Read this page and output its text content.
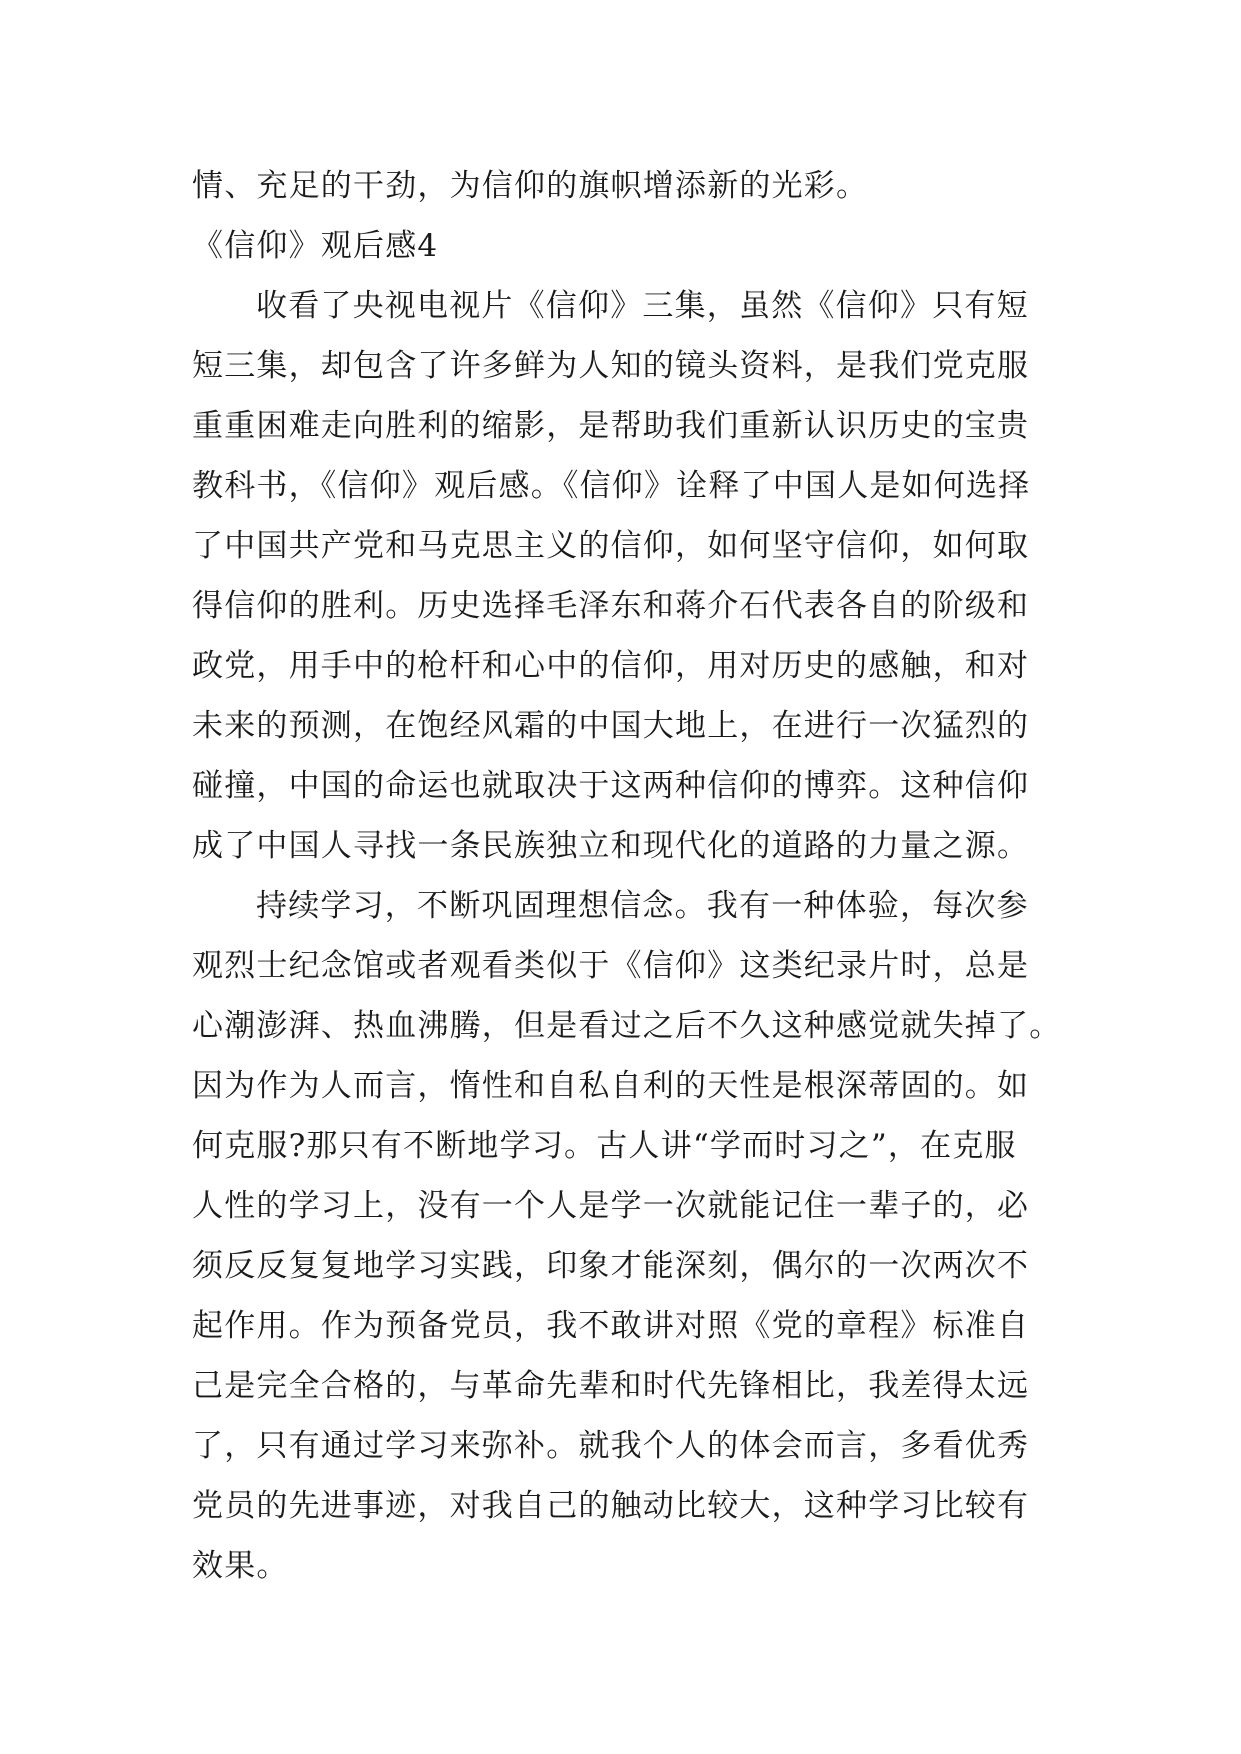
情、充足的干劲，为信仰的旗帜增添新的光彩。
《信仰》观后感4
收看了央视电视片《信仰》三集，虽然《信仰》只有短
短三集，却包含了许多鲜为人知的镜头资料，是我们党克服
重重困难走向胜利的缩影，是帮助我们重新认识历史的宝贵
教科书，《信仰》观后感。《信仰》诠释了中国人是如何选择
了中国共产党和马克思主义的信仰，如何坚守信仰，如何取
得信仰的胜利。历史选择毛泽东和蒋介石代表各自的阶级和
政党，用手中的枪杆和心中的信仰，用对历史的感触，和对
未来的预测，在饱经风霜的中国大地上，在进行一次猛烈的
碰撞，中国的命运也就取决于这两种信仰的博弈。这种信仰
成了中国人寻找一条民族独立和现代化的道路的力量之源。
持续学习，不断巩固理想信念。我有一种体验，每次参
观烈士纪念馆或者观看类似于《信仰》这类纪录片时，总是
心潮澎湃、热血沸腾，但是看过之后不久这种感觉就失掉了。
因为作为人而言，惰性和自私自利的天性是根深蒂固的。如
何克服?那只有不断地学习。古人讲“学而时习之”，在克服
人性的学习上，没有一个人是学一次就能记住一辈子的，必
须反反复复地学习实践，印象才能深刻，偶尔的一次两次不
起作用。作为预备党员，我不敢讲对照《党的章程》标准自
己是完全合格的，与革命先辈和时代先锋相比，我差得太远
了，只有通过学习来弥补。就我个人的体会而言，多看优秀
党员的先进事迹，对我自己的触动比较大，这种学习比较有
效果。
